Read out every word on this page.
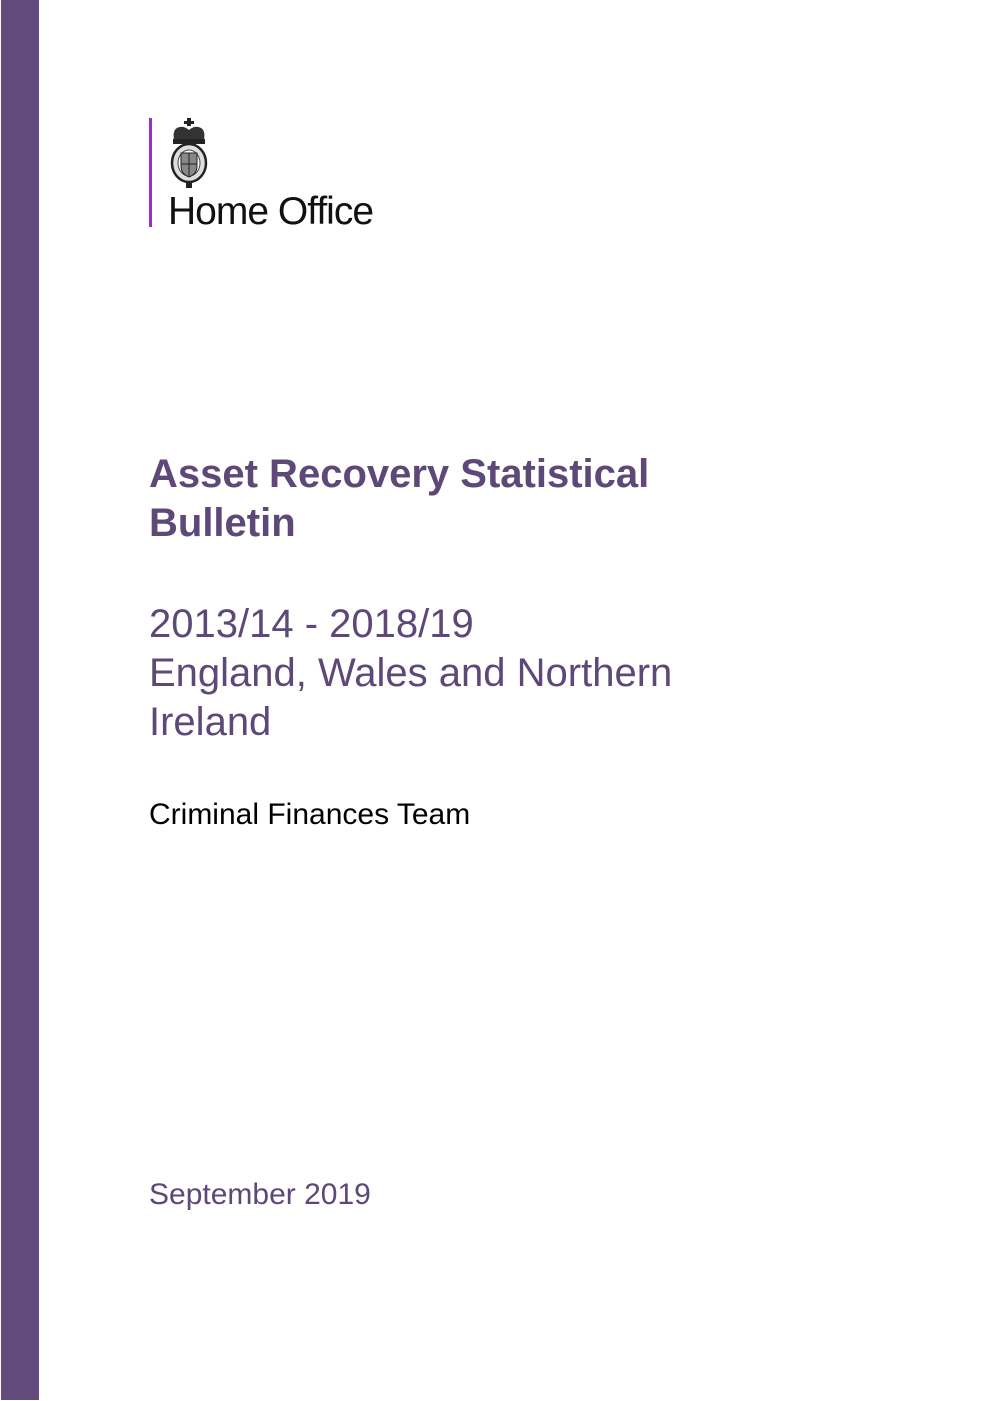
Home Office
Asset Recovery Statistical
Bulletin
2013/14 - 2018/19
England, Wales and Northern
Ireland
Criminal Finances Team
September 2019
